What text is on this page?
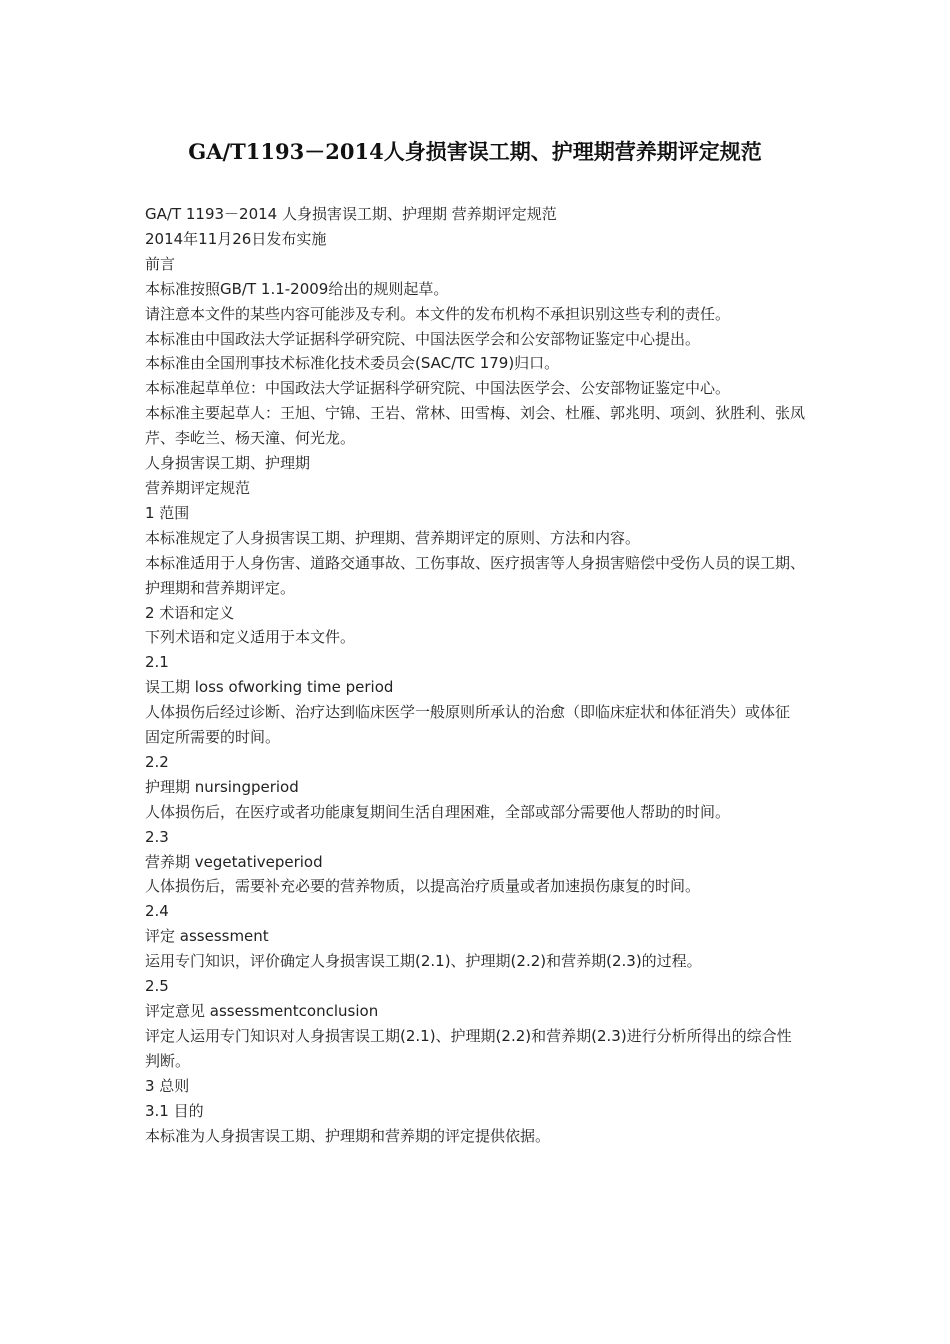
GA/T1193－2014人身损害误工期、护理期营养期评定规范

GA/T 1193－2014 人身损害误工期、护理期 营养期评定规范

2014年11月26日发布实施

前言

本标准按照GB/T 1.1-2009给出的规则起草。

请注意本文件的某些内容可能涉及专利。本文件的发布机构不承担识别这些专利的责任。

本标准由中国政法大学证据科学研究院、中国法医学会和公安部物证鉴定中心提出。

本标准由全国刑事技术标准化技术委员会(SAC/TC 179)归口。

本标准起草单位：中国政法大学证据科学研究院、中国法医学会、公安部物证鉴定中心。

本标准主要起草人：王旭、宁锦、王岩、常林、田雪梅、刘会、杜雁、郭兆明、项剑、狄胜利、张凤芹、李屹兰、杨天潼、何光龙。

人身损害误工期、护理期

营养期评定规范

1 范围

本标准规定了人身损害误工期、护理期、营养期评定的原则、方法和内容。

本标准适用于人身伤害、道路交通事故、工伤事故、医疗损害等人身损害赔偿中受伤人员的误工期、

护理期和营养期评定。

2 术语和定义

下列术语和定义适用于本文件。

2.1

误工期 loss ofworking time period

人体损伤后经过诊断、治疗达到临床医学一般原则所承认的治愈（即临床症状和体征消失）或体征

固定所需要的时间。

2.2

护理期 nursingperiod

人体损伤后，在医疗或者功能康复期间生活自理困难，全部或部分需要他人帮助的时间。

2.3

营养期 vegetativeperiod

人体损伤后，需要补充必要的营养物质，以提高治疗质量或者加速损伤康复的时间。

2.4

评定 assessment

运用专门知识，评价确定人身损害误工期(2.1)、护理期(2.2)和营养期(2.3)的过程。

2.5

评定意见 assessmentconclusion

评定人运用专门知识对人身损害误工期(2.1)、护理期(2.2)和营养期(2.3)进行分析所得出的综合性判断。

3 总则

3.1 目的

本标准为人身损害误工期、护理期和营养期的评定提供依据。
